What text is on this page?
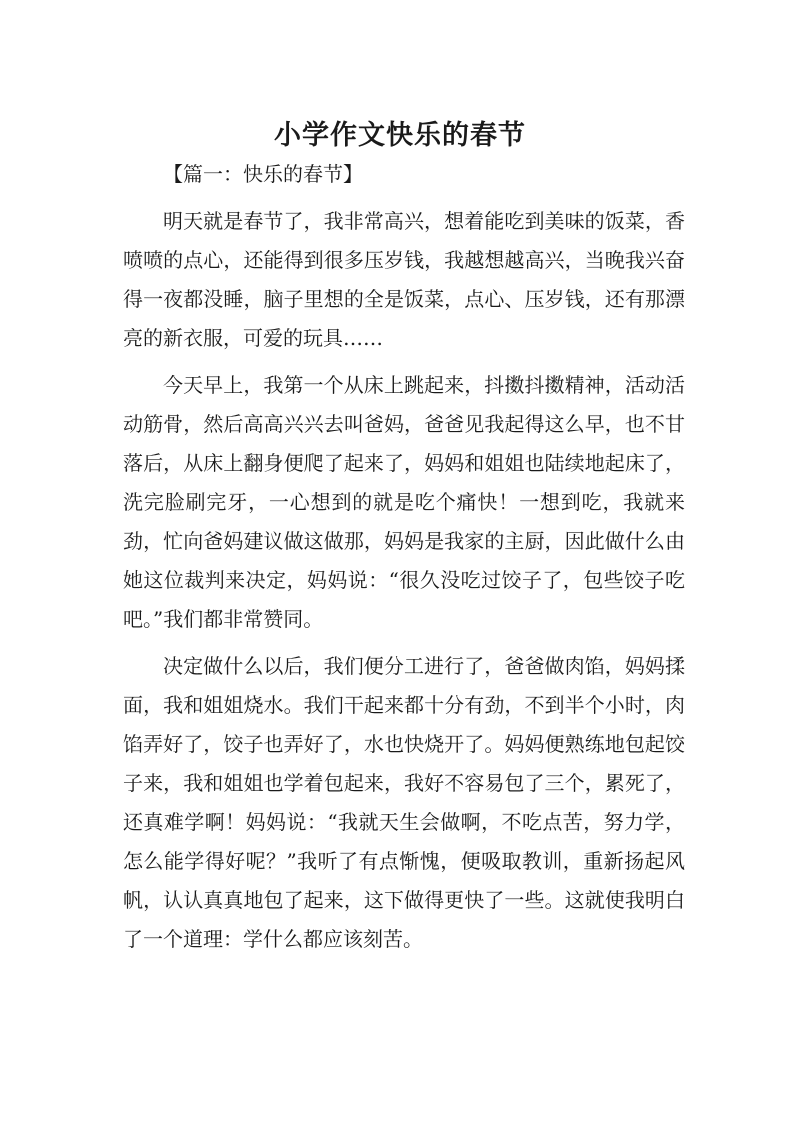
小学作文快乐的春节

【篇一：快乐的春节】

明天就是春节了，我非常高兴，想着能吃到美味的饭菜，香喷喷的点心，还能得到很多压岁钱，我越想越高兴，当晚我兴奋得一夜都没睡，脑子里想的全是饭菜，点心、压岁钱，还有那漂亮的新衣服，可爱的玩具……

今天早上，我第一个从床上跳起来，抖擞抖擞精神，活动活动筋骨，然后高高兴兴去叫爸妈，爸爸见我起得这么早，也不甘落后，从床上翻身便爬了起来了，妈妈和姐姐也陆续地起床了，洗完脸刷完牙，一心想到的就是吃个痛快！一想到吃，我就来劲，忙向爸妈建议做这做那，妈妈是我家的主厨，因此做什么由她这位裁判来决定，妈妈说：“很久没吃过饺子了，包些饺子吃吧。”我们都非常赞同。

决定做什么以后，我们便分工进行了，爸爸做肉馅，妈妈揉面，我和姐姐烧水。我们干起来都十分有劲，不到半个小时，肉馅弄好了，饺子也弄好了，水也快烧开了。妈妈便熟练地包起饺子来，我和姐姐也学着包起来，我好不容易包了三个，累死了，还真难学啊！妈妈说：“我就天生会做啊，不吃点苦，努力学，怎么能学得好呢？”我听了有点惭愧，便吸取教训，重新扬起风帆，认认真真地包了起来，这下做得更快了一些。这就使我明白了一个道理：学什么都应该刻苦。
